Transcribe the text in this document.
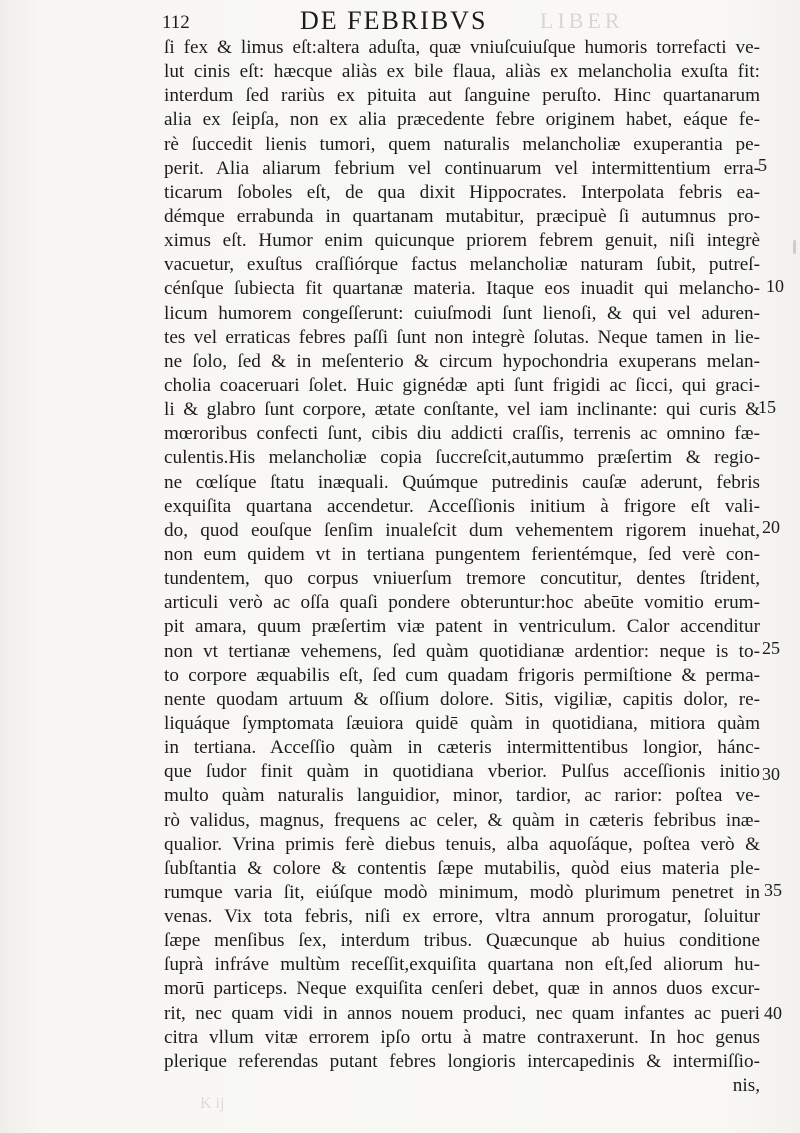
LIBER
112	DE FEBRIBVS
ſi fex & limus eſt:altera aduſta, quæ vniuſcuiuſque humoris torrefacti ve-
lut cinis eſt: hæcque aliàs ex bile flaua, aliàs ex melancholia exuſta fit:
interdum ſed rariùs ex pituita aut ſanguine peruſto. Hinc quartanarum
alia ex ſeipſa, non ex alia præcedente febre originem habet, eáque fe-
rè ſuccedit lienis tumori, quem naturalis melancholiæ exuperantia pe-
perit. Alia aliarum febrium vel continuarum vel intermittentium erra-
ticarum ſoboles eſt, de qua dixit Hippocrates. Interpolata febris ea-
démque errabunda in quartanam mutabitur, præcipuè ſi autumnus pro-
ximus eſt. Humor enim quicunque priorem febrem genuit, niſi integrè
vacuetur, exuſtus craſſiórque factus melancholiæ naturam ſubit, putreſ-
cénſque ſubiecta fit quartanæ materia. Itaque eos inuadit qui melancho-
licum humorem congeſſerunt: cuiuſmodi ſunt lienoſi, & qui vel aduren-
tes vel erraticas febres paſſi ſunt non integrè ſolutas. Neque tamen in lie-
ne ſolo, ſed & in meſenterio & circum hypochondria exuperans melan-
cholia coaceruari ſolet. Huic gignédæ apti ſunt frigidi ac ſicci, qui graci-
li & glabro ſunt corpore, ætate conſtante, vel iam inclinante: qui curis &
mœroribus confecti ſunt, cibis diu addicti craſſis, terrenis ac omnino fæ-
culentis.His melancholiæ copia ſuccreſcit,autummo præſertim & regio-
ne cœlíque ſtatu inæquali. Quúmque putredinis cauſæ aderunt, febris
exquiſita quartana accendetur. Acceſſionis initium à frigore eſt vali-
do, quod eouſque ſenſim inualeſcit dum vehementem rigorem inuehat,
non eum quidem vt in tertiana pungentem ferientémque, ſed verè con-
tundentem, quo corpus vniuerſum tremore concutitur, dentes ſtrident,
articuli verò ac oſſa quaſi pondere obteruntur:hoc abeūte vomitio erum-
pit amara, quum præſertim viæ patent in ventriculum. Calor accenditur
non vt tertianæ vehemens, ſed quàm quotidianæ ardentior: neque is to-
to corpore æquabilis eſt, ſed cum quadam frigoris permiſtione & perma-
nente quodam artuum & oſſium dolore. Sitis, vigiliæ, capitis dolor, re-
liquáque ſymptomata ſæuiora quidē quàm in quotidiana, mitiora quàm
in tertiana. Acceſſio quàm in cæteris intermittentibus longior, hánc-
que ſudor finit quàm in quotidiana vberior. Pulſus acceſſionis initio
multo quàm naturalis languidior, minor, tardior, ac rarior: poſtea ve-
rò validus, magnus, frequens ac celer, & quàm in cæteris febribus inæ-
qualior. Vrina primis ferè diebus tenuis, alba aquoſáque, poſtea verò &
ſubſtantia & colore & contentis ſæpe mutabilis, quòd eius materia ple-
rumque varia ſit, eiúſque modò minimum, modò plurimum penetret in
venas. Vix tota febris, niſi ex errore, vltra annum prorogatur, ſoluitur
ſæpe menſibus ſex, interdum tribus. Quæcunque ab huius conditione
ſuprà infráve multùm receſſit,exquiſita quartana non eſt,ſed aliorum hu-
morū particeps. Neque exquiſita cenſeri debet, quæ in annos duos excur-
rit, nec quam vidi in annos nouem produci, nec quam infantes ac pueri
citra vllum vitæ errorem ipſo ortu à matre contraxerunt. In hoc genus
plerique referendas putant febres longioris intercapedinis & intermiſſio-
nis,
5
10
15
20
25
30
35
40
K ij
